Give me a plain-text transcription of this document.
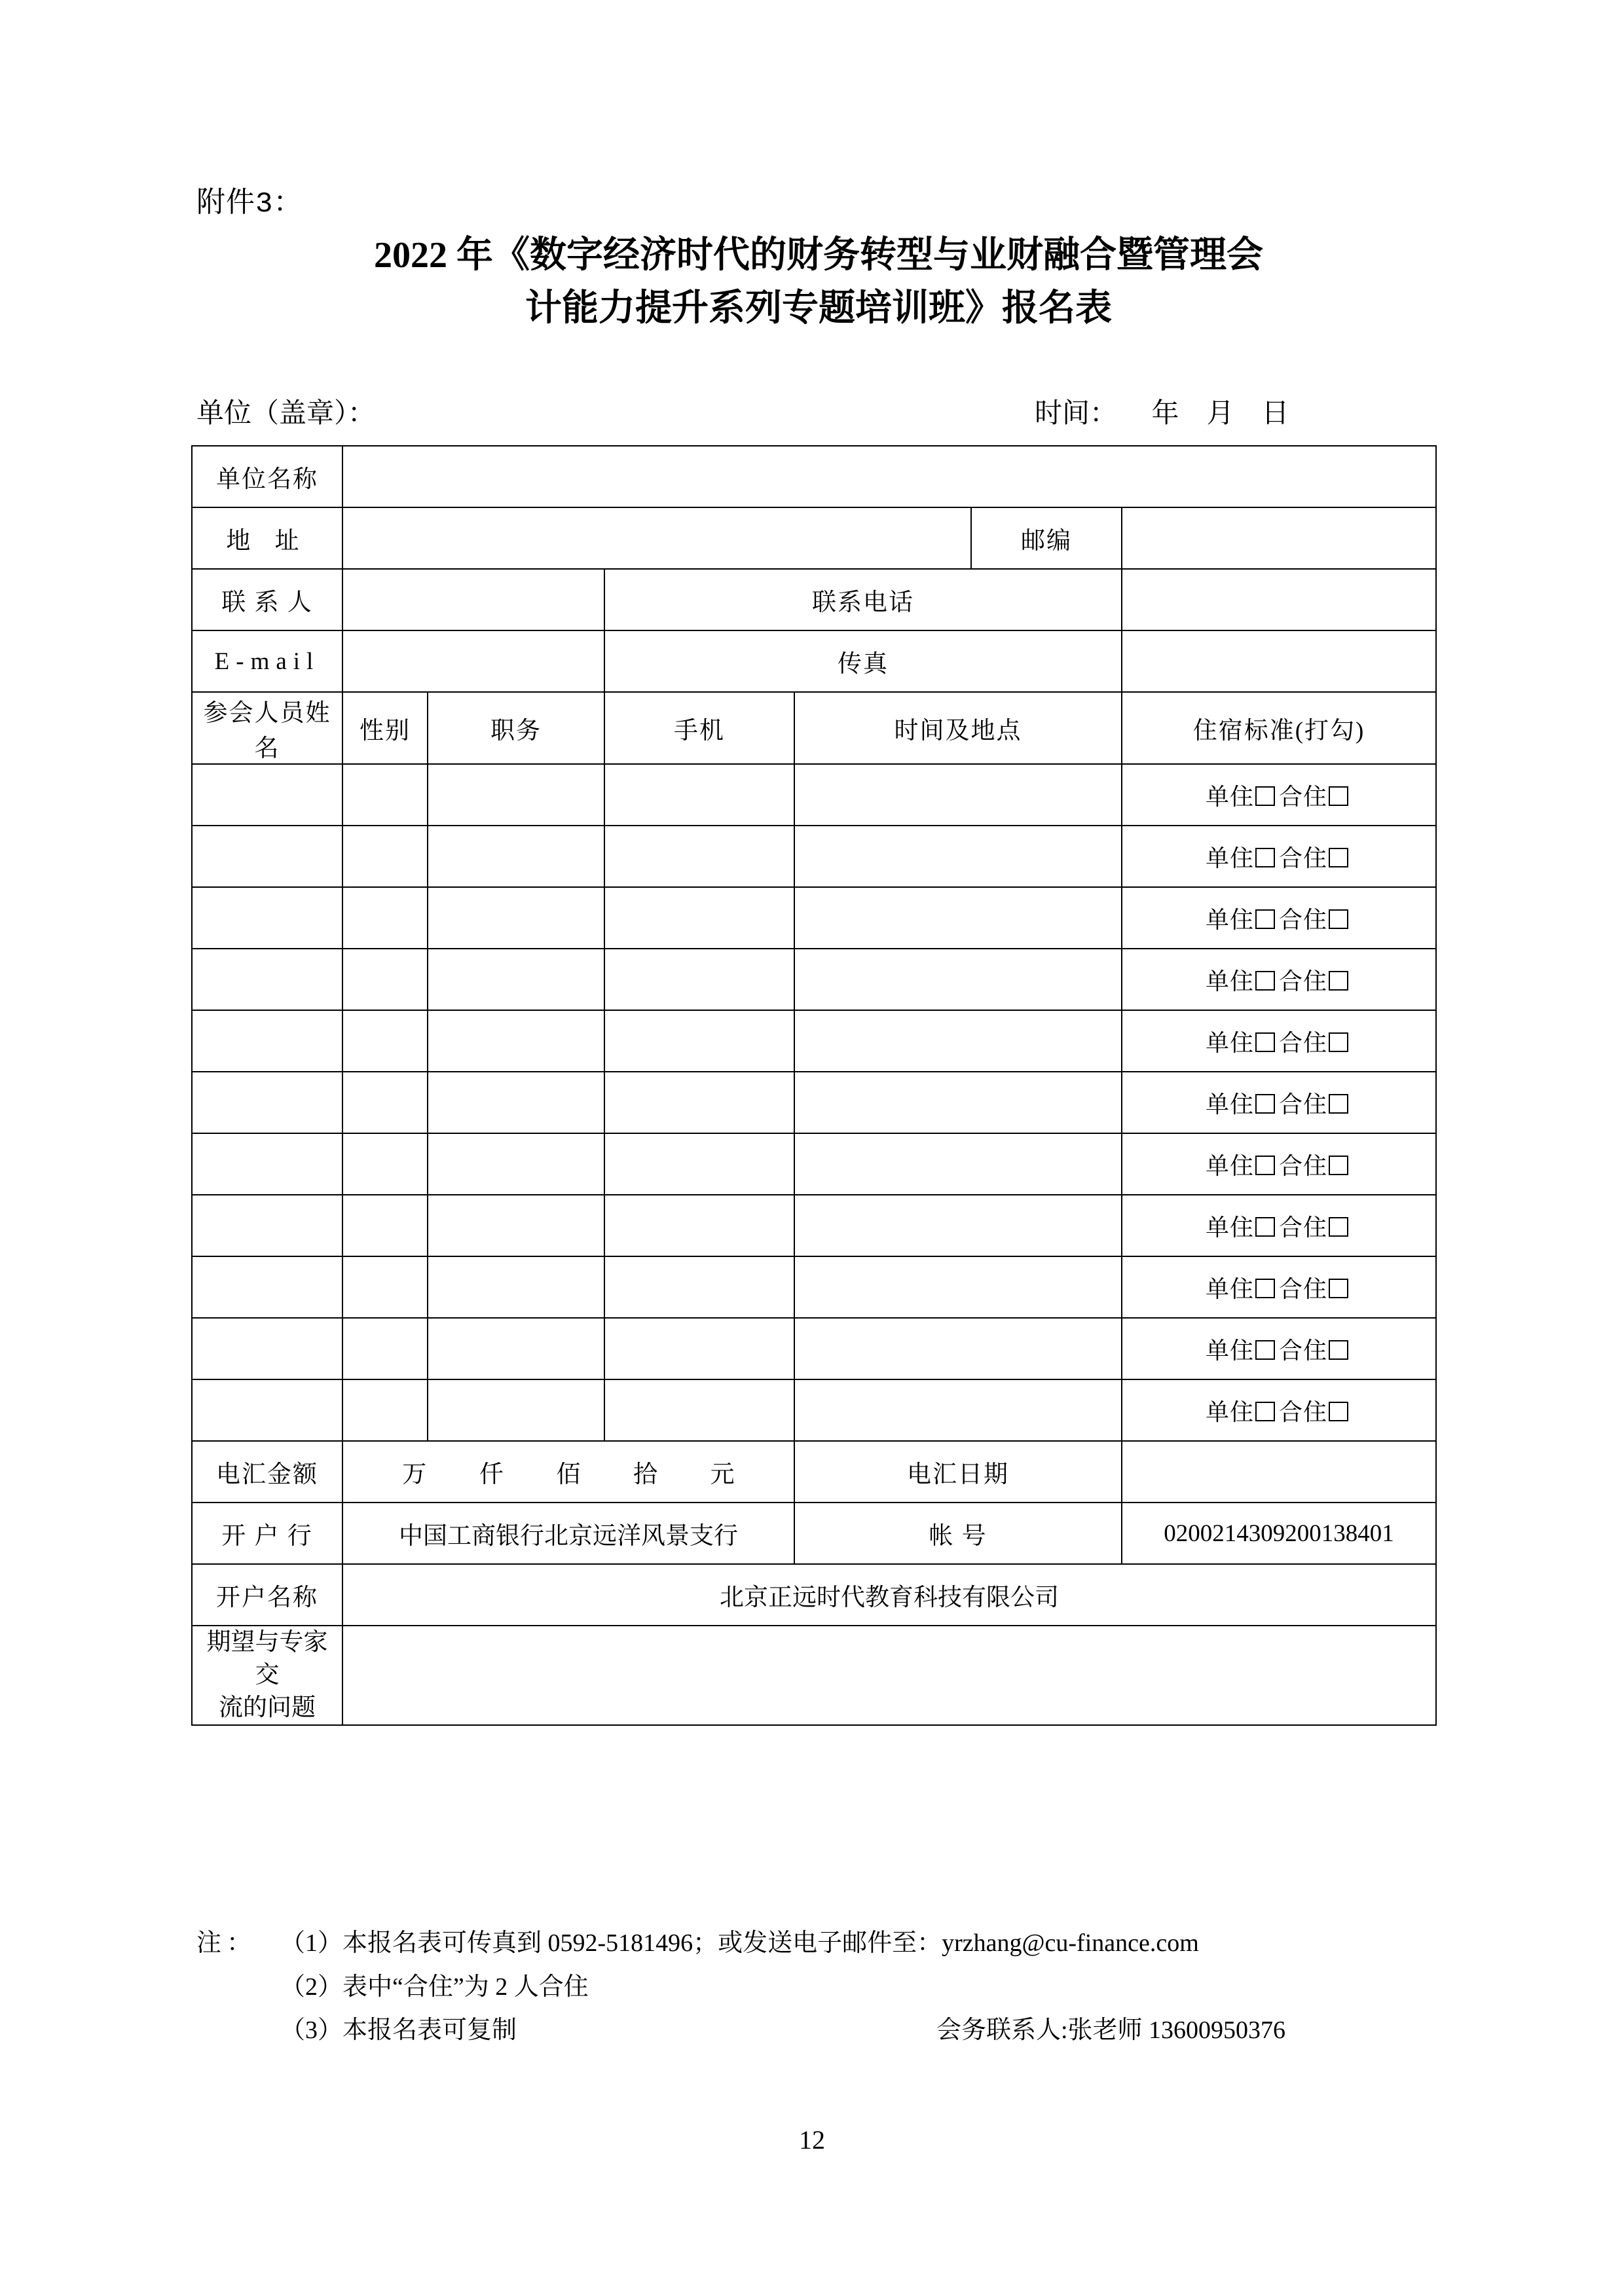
附件3：
2022 年《数字经济时代的财务转型与业财融合暨管理会
计能力提升系列专题培训班》报名表
单位（盖章）：	时间：     年    月    日
单位名称						
地 址					邮编	
联 系 人			联系电话			
E-mail			传真			
参会人员姓名	性别	职务	手机	时间及地点		住宿标准(打勾)
						单住 合住
						单住 合住
						单住 合住
						单住 合住
						单住 合住
						单住 合住
						单住 合住
						单住 合住
						单住 合住
						单住 合住
						单住 合住
电汇金额	万 仟 佰 拾 元			电汇日期		
开 户 行	中国工商银行北京远洋风景支行			帐 号		0200214309200138401
开户名称	北京正远时代教育科技有限公司					
期望与专家交
流的问题						
注： （1）本报名表可传真到 0592-5181496；或发送电子邮件至：yrzhang@cu-finance.com
（2）表中“合住”为 2 人合住
（3）本报名表可复制	会务联系人:张老师 13600950376
12
